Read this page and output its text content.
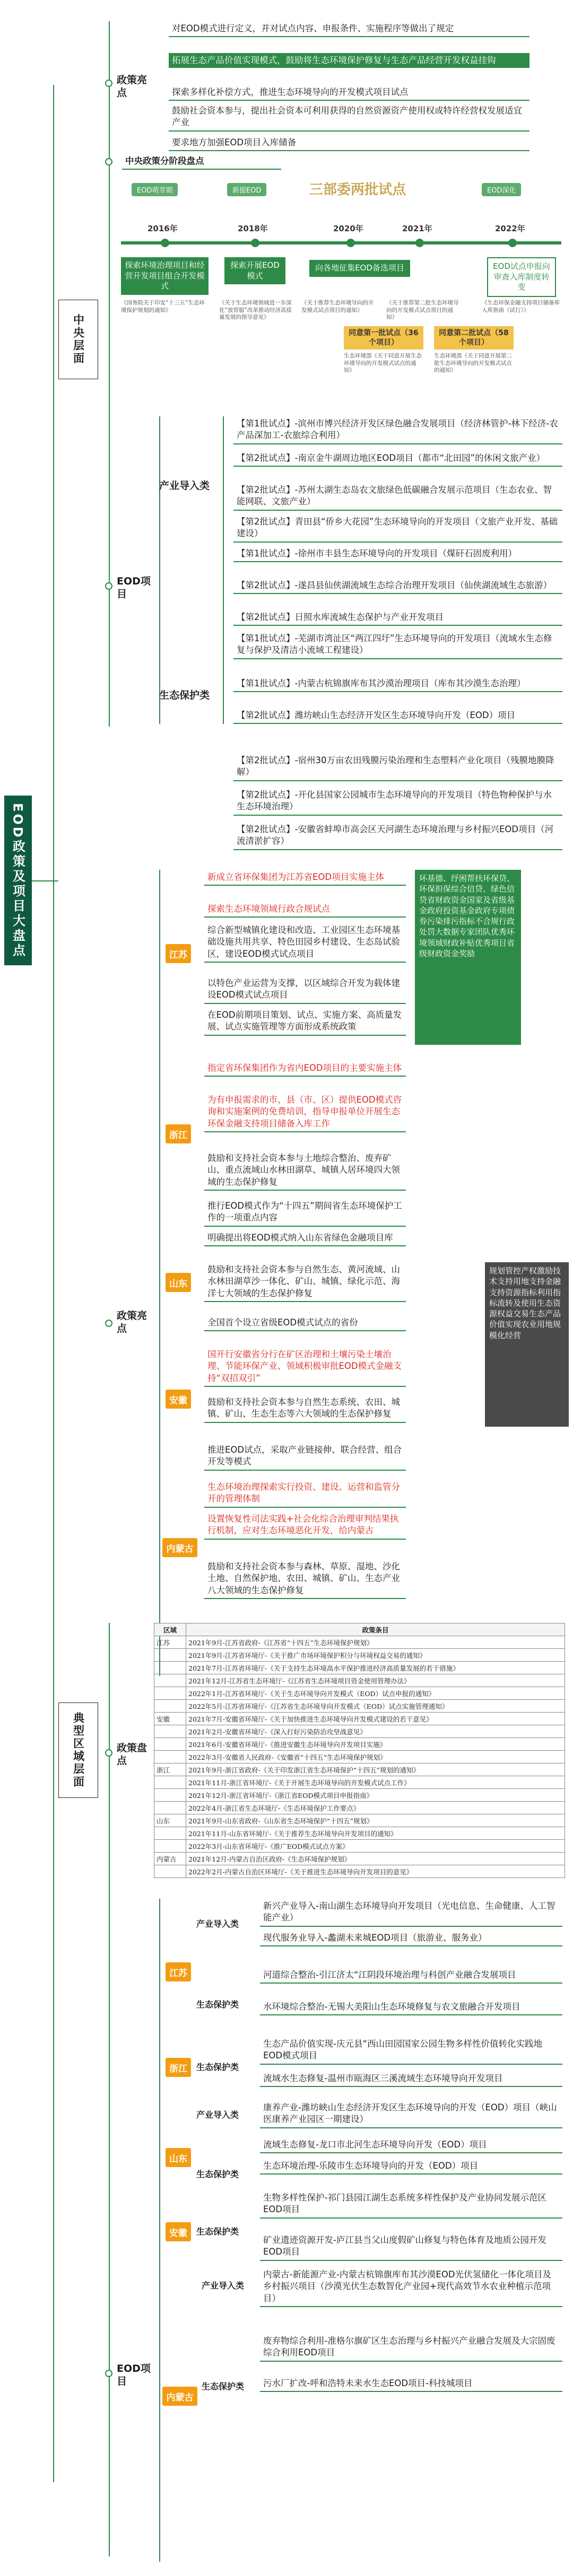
EOD政策及项目大盘点
中央层面
政策亮点
对EOD模式进行定义，并对试点内容、申报条件、实施程序等做出了规定
拓展生态产品价值实现模式，鼓励将生态环境保护修复与生态产品经营开发权益挂钩
探索多样化补偿方式，推进生态环境导向的开发模式项目试点
鼓励社会资本参与，提出社会资本可利用获得的自然资源资产使用权或特许经营权发展适宜产业
要求地方加强EOD项目入库储备
中央政策分阶段盘点
EOD萌芽期	新提EOD	三部委两批试点	EOD深化
2016年	2018年	2020年	2021年	2022年
探索环境治理项目和经营开发项目组合开发模式
探索开展EOD模式
向各地征集EOD备选项目	EOD试点申报向审查入库制度转变
《国务院关于印发“十三五”生态环境保护规划的通知》
《关于生态环境领域进一步深化“放管服”改革推动经济高质量发展的指导意见》
《关于推荐生态环境导向的开发模式试点项目的通知》
《关于推荐第二批生态环境导向的开发模式试点项目的通知》
《生态环保金融支持项目储备库入库指南（试行）》
同意第一批试点（36个项目）
同意第二批试点（58个项目）
生态环境部《关于同意开展生态环境导向的开发模式试点的通知》
生态环境部《关于同意开展第二批生态环境导向的开发模式试点的通知》
EOD项目
产业导入类
生态保护类
【第1批试点】-滨州市博兴经济开发区绿色融合发展项目（经济林管护-林下经济-农产品深加工-农旅综合利用）
【第2批试点】-南京金牛湖周边地区EOD项目（都市“北田园”的休闲文旅产业）
【第2批试点】-苏州太湖生态岛农文旅绿色低碳融合发展示范项目（生态农业、智能网联、文旅产业）
【第2批试点】青田县“侨乡大花园”生态环境导向的开发项目（文旅产业开发、基础建设）
【第1批试点】-徐州市丰县生态环境导向的开发项目（煤矸石固废利用）
【第2批试点】-遂昌县仙侠湖流域生态综合治理开发项目（仙侠湖流域生态旅游）
【第2批试点】日照水库流域生态保护与产业开发项目
【第1批试点】-芜湖市湾沚区“两江四圩”生态环境导向的开发项目（流域水生态修复与保护及清洁小流域工程建设）
【第1批试点】-内蒙古杭锦旗库布其沙漠治理项目（库布其沙漠生态治理）
【第2批试点】潍坊峡山生态经济开发区生态环境导向开发（EOD）项目
【第2批试点】-宿州30万亩农田残膜污染治理和生态塑料产业化项目（残膜地膜降解）
【第2批试点】-开化县国家公园城市生态环境导向的开发项目（特色物种保护与水生态环境治理）
【第2批试点】-安徽省蚌埠市高会区天河湖生态环境治理与乡村振兴EOD项目（河流清淤扩容）
政策亮点
江苏
新成立省环保集团为江苏省EOD项目实施主体
探索生态环境领域行政合规试点
综合新型城镇化建设和改造、工业园区生态环境基础设施共用共享、特色田园乡村建设、生态岛试验区，建设EOD模式试点项目
以特色产业运营为支撑，以区域综合开发为载体建设EOD模式试点项目
在EOD前期项目策划、试点、实施方案、高质量发展、试点实施管理等方面形成系统政策
浙江
指定省环保集团作为省内EOD项目的主要实施主体
为有申报需求的市、县（市、区）提供EOD模式咨询和实施案例的免费培训，指导申报单位开展生态环保金融支持项目储备入库工作
鼓励和支持社会资本参与土地综合整治、废弃矿山、重点流域山水林田湖草、城镇人居环境四大领域的生态保护修复
推行EOD模式作为“十四五”期间省生态环境保护工作的一项重点内容
山东
明确提出将EOD模式纳入山东省绿色金融项目库
鼓励和支持社会资本参与自然生态、黄河流域、山水林田湖草沙一体化、矿山、城镇、绿化示范、海洋七大领域的生态保护修复
全国首个设立省级EOD模式试点的省份
安徽
国开行安徽省分行在矿区治理和土壤污染土壤治理、节能环保产业、领域积极审批EOD模式金融支持“双招双引”
鼓励和支持社会资本参与自然生态系统、农田、城镇、矿山、生态生态等六大领域的生态保护修复
推进EOD试点，采取产业链接伸、联合经营、组合开发等模式
内蒙古
生态环境治理探索实行投资、建设、运营和监管分开的管理体制
设置恢复性司法实践+社会化综合治理审判结果执行机制，应对生态环境恶化开发，给内蒙古
鼓励和支持社会资本参与森林、草原、湿地、沙化土地、自然保护地、农田、城镇、矿山、生态产业八大领域的生态保护修复
环基德、纾困帮扶环保贷、环保担保综合信贷、绿色信贷省财政资金国家及省级基金政府投资基金政府专项债券污染排污指标不合规行政处罚大数据专家团队优秀环境领域财政补贴优秀项目省级财政资金奖励
规划管控产权激励技术支持用地支持金融支持资源指标利用指标流转及使用生态资源权益交易生态产品价值实现农业用地规模化经营
典型区域层面	政策盘点
区域	政策条目
江苏	2021年9月-江苏省政府-《江苏省“十四五”生态环境保护规划》
	2021年9月-江苏省环境厅-《关于推广市场环境保护积分与环境权益交易的通知》
	2021年7月-江苏省环境厅-《关于支持生态环境高水平保护推进经济高质量发展的若干措施》
	2021年12月-江苏省生态环境厅-《江苏省生态环境项目资金使用管理办法》
	2022年1月-江苏省环境厅-《关于生态环境导向开发模式（EOD）试点申报的通知》
	2022年5月-江苏省环境厅-《江苏省生态环境导向开发模式（EOD）试点实施管理通知》
安徽	2021年7月-安徽省环境厅-《关于加快推进生态环境导向开发模式建设的若干意见》
	2021年2月-安徽省环境厅-《深入打好污染防治攻坚战意见》
	2021年6月-安徽省环境厅-《推进安徽生态环境导向开发项目实施》
	2022年3月-安徽省人民政府-《安徽省“十四五”生态环境保护规划》
浙江	2021年9月-浙江省政府-《关于印发浙江省生态环境保护“十四五”规划的通知》
	2021年11月-浙江省环境厅-《关于开展生态环境导向的开发模式试点工作》
	2021年12月-浙江省环境厅-《浙江省EOD模式项目申报指南》
	2022年4月-浙江省生态环境厅-《生态环境保护工作要点》
山东	2021年9月-山东省政府-《山东省生态环境保护“十四五”规划》
	2021年11月-山东省环境厅-《关于推荐生态环境导向开发项目的通知》
	2022年3月-山东省环境厅-《推广EOD模式试点方案》
内蒙古	2021年12月-内蒙古自治区政府-《生态环境保护规划》
	2022年2月-内蒙古自治区环境厅-《关于推进生态环境导向开发项目的意见》
EOD项目
江苏
产业导入类
生态保护类
新兴产业导入-南山湖生态环境导向开发项目（光电信息、生命健康、人工智能产业）
现代服务业导入-蠡湖未来城EOD项目（旅游业、服务业）
河道综合整治-引江济太“江阴段环境治理与科创产业融合发展项目
水环境综合整治-无锡大美阳山生态环境修复与农文旅融合开发项目
浙江	生态保护类
生态产品价值实现-庆元县“西山田园国家公园生物多样性价值转化实践地EOD模式项目
流域水生态修复-温州市瓯海区三溪流域生态环境导向开发项目
山东
产业导入类
生态保护类
康养产业-潍坊峡山生态经济开发区生态环境导向的开发（EOD）项目（峡山医康养产业园区一期建设）
流域生态修复-龙口市北河生态环境导向开发（EOD）项目
生态环境治理-乐陵市生态环境导向的开发（EOD）项目
安徽	生态保护类
生物多样性保护-祁门县园江湖生态系统多样性保护及产业协同发展示范区EOD项目
矿业遗迹资源开发-庐江县当父山度假矿山修复与特色体育及地质公园开发EOD项目
内蒙古
产业导入类
生态保护类
内蒙古-新能源产业-内蒙古杭锦旗库布其沙漠EOD光伏氢储化一体化项目及乡村振兴项目（沙漠光伏生态数智化产业园+现代高效节水农业种植示范项目）
废弃物综合利用-准格尔旗矿区生态治理与乡村振兴产业融合发展及大宗固废综合利用EOD项目
污水厂扩改-呼和浩特未来水生态EOD项目-科技城项目
